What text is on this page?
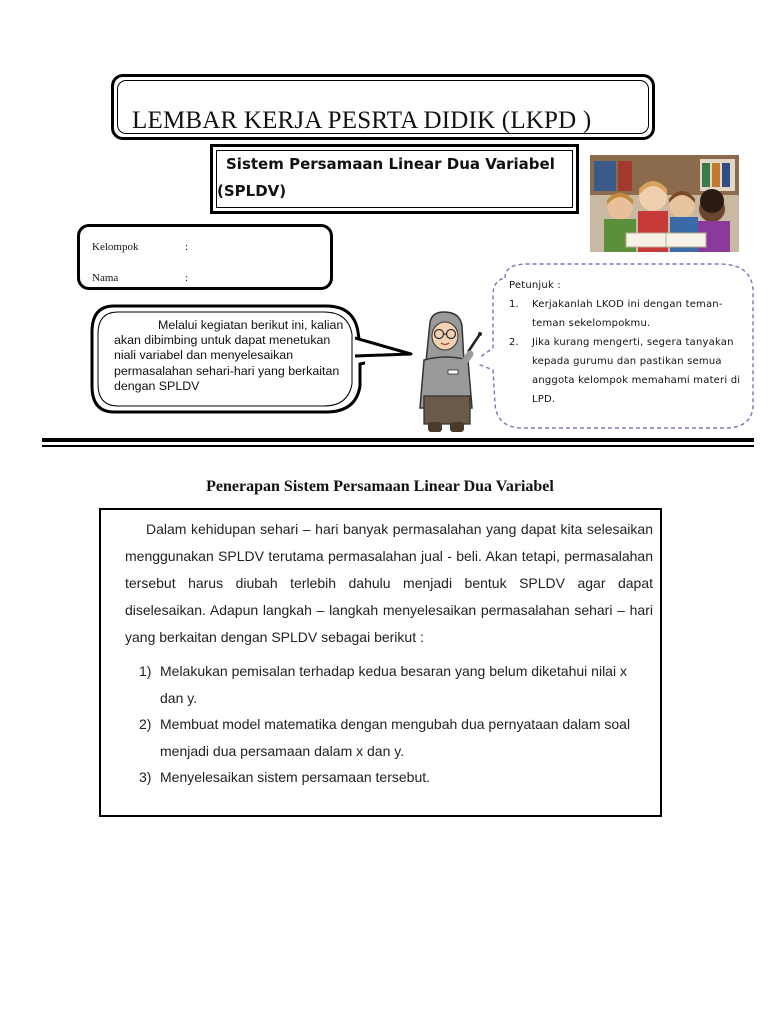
LEMBAR KERJA PESRTA DIDIK (LKPD )
Sistem Persamaan Linear Dua Variabel (SPLDV)
Kelompok	:
Nama	:
Melalui kegiatan berikut ini, kalian akan dibimbing untuk dapat menetukan niali variabel dan menyelesaikan permasalahan sehari-hari yang berkaitan dengan SPLDV
Petunjuk :
1. Kerjakanlah LKOD ini dengan teman-teman sekelompokmu.
2. Jika kurang mengerti, segera tanyakan kepada gurumu dan pastikan semua anggota kelompok memahami materi di LPD.
Penerapan Sistem Persamaan Linear Dua Variabel

Dalam kehidupan sehari – hari banyak permasalahan yang dapat kita selesaikan menggunakan SPLDV terutama permasalahan jual - beli. Akan tetapi, permasalahan tersebut harus diubah terlebih dahulu menjadi bentuk SPLDV agar dapat diselesaikan. Adapun langkah – langkah menyelesaikan permasalahan sehari – hari yang berkaitan dengan SPLDV sebagai berikut :

1) Melakukan pemisalan terhadap kedua besaran yang belum diketahui nilai x dan y.
2) Membuat model matematika dengan mengubah dua pernyataan dalam soal menjadi dua persamaan dalam x dan y.
3) Menyelesaikan sistem persamaan tersebut.
